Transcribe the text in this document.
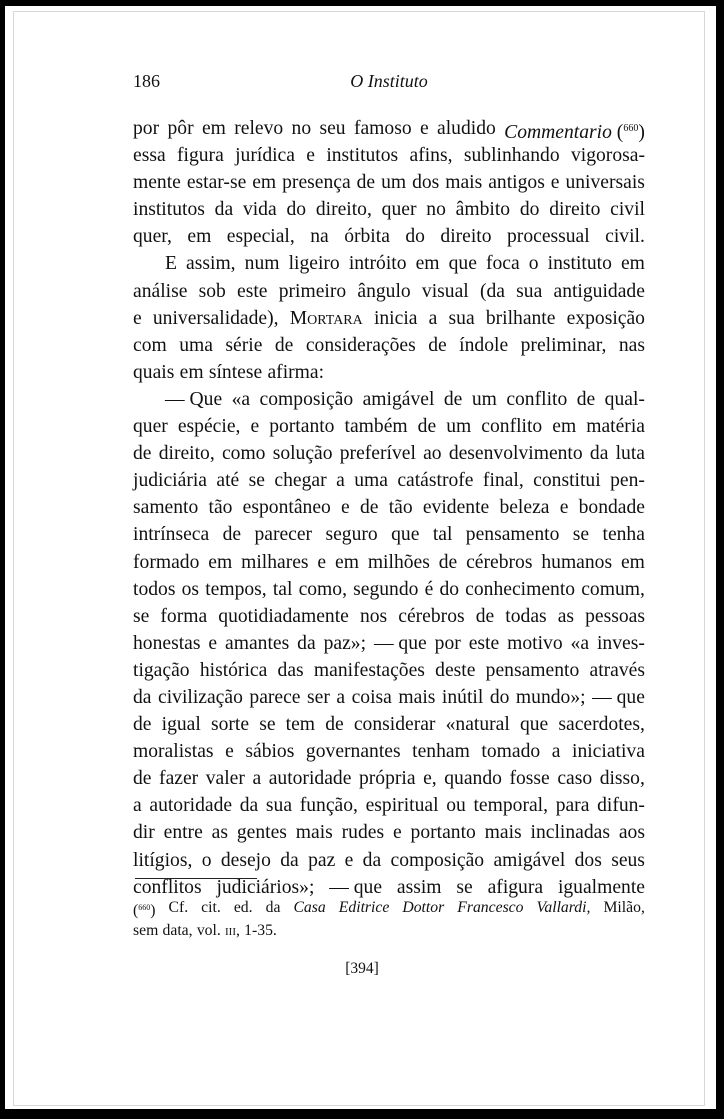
186	O Instituto
por pôr em relevo no seu famoso e aludido Commentario ($^{660}$)
essa figura jurídica e institutos afins, sublinhando vigorosa-
mente estar-se em presença de um dos mais antigos e universais
institutos da vida do direito, quer no âmbito do direito civil
quer, em especial, na órbita do direito processual civil.
E assim, num ligeiro intróito em que foca o instituto em
análise sob este primeiro ângulo visual (da sua antiguidade
e universalidade), Mortara inicia a sua brilhante exposição
com uma série de considerações de índole preliminar, nas
quais em síntese afirma:
— Que «a composição amigável de um conflito de qual-
quer espécie, e portanto também de um conflito em matéria
de direito, como solução preferível ao desenvolvimento da luta
judiciária até se chegar a uma catástrofe final, constitui pen-
samento tão espontâneo e de tão evidente beleza e bondade
intrínseca de parecer seguro que tal pensamento se tenha
formado em milhares e em milhões de cérebros humanos em
todos os tempos, tal como, segundo é do conhecimento comum,
se forma quotidiadamente nos cérebros de todas as pessoas
honestas e amantes da paz»; — que por este motivo «a inves-
tigação histórica das manifestações deste pensamento através
da civilização parece ser a coisa mais inútil do mundo»; — que
de igual sorte se tem de considerar «natural que sacerdotes,
moralistas e sábios governantes tenham tomado a iniciativa
de fazer valer a autoridade própria e, quando fosse caso disso,
a autoridade da sua função, espiritual ou temporal, para difun-
dir entre as gentes mais rudes e portanto mais inclinadas aos
litígios, o desejo da paz e da composição amigável dos seus
conflitos judiciários»; — que assim se afigura igualmente
($^{660}$) Cf. cit. ed. da Casa Editrice Dottor Francesco Vallardi, Milão,
sem data, vol. iii, 1-35.
[394]
